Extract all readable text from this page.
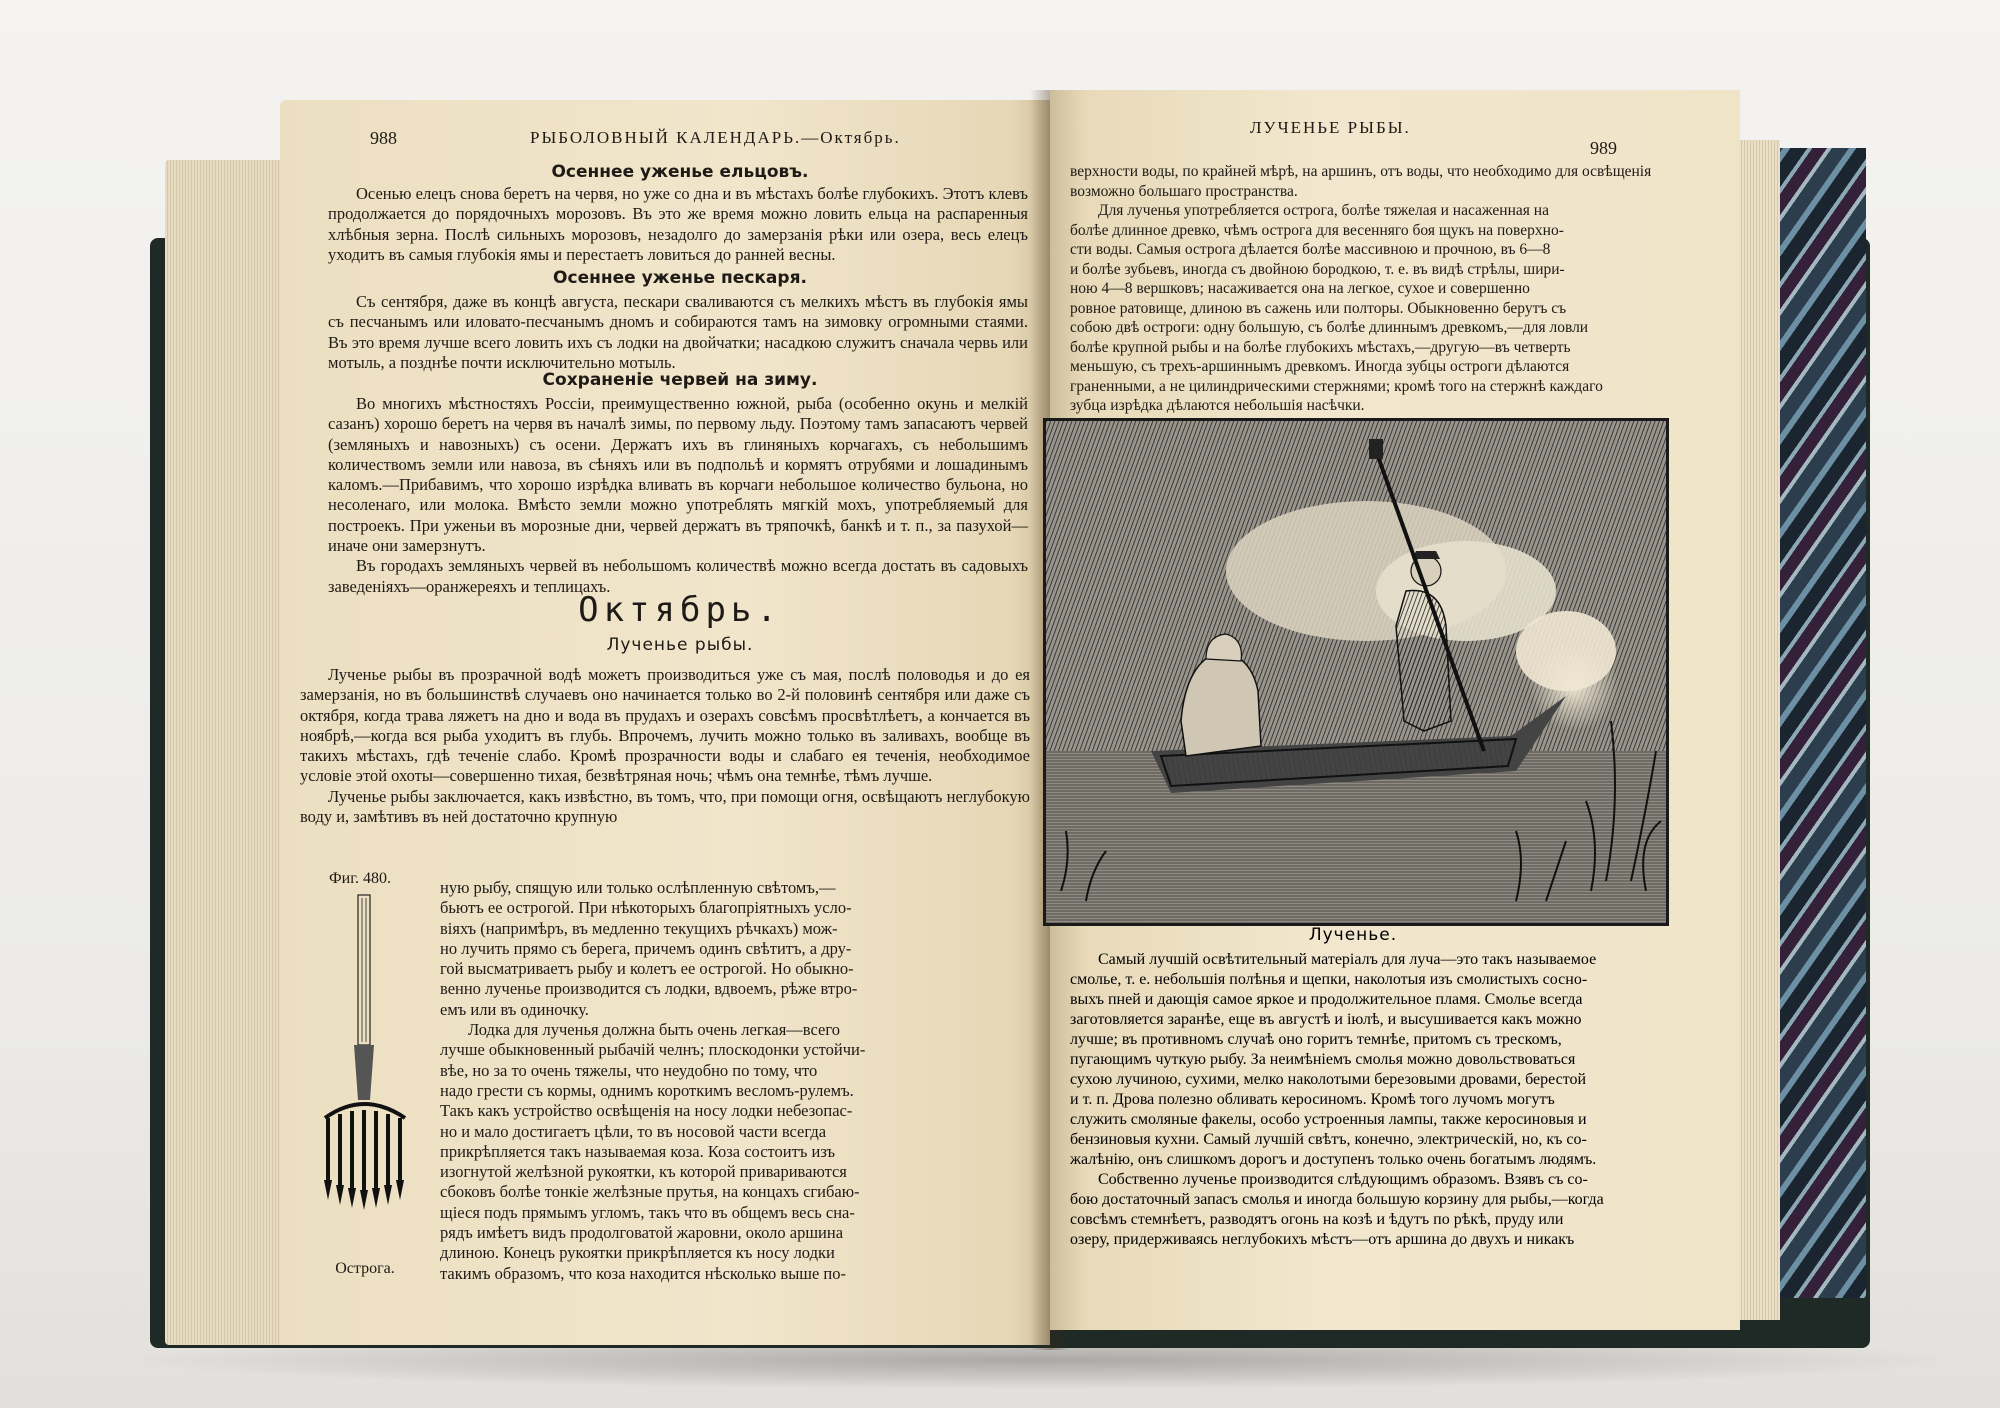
988	РЫБОЛОВНЫЙ КАЛЕНДАРЬ.—Октябрь.
Осеннее уженье ельцовъ.

Осенью елецъ снова беретъ на червя, но уже со дна и въ мѣстахъ болѣе глубокихъ. Этотъ клевъ продолжается до порядочныхъ морозовъ. Въ это же время можно ловить ельца на распаренныя хлѣбныя зерна. Послѣ сильныхъ морозовъ, незадолго до замерзанія рѣки или озера, весь елецъ уходитъ въ самыя глубокія ямы и перестаетъ ловиться до ранней весны.

Осеннее уженье пескаря.

Съ сентября, даже въ концѣ августа, пескари сваливаются съ мелкихъ мѣстъ въ глубокія ямы съ песчанымъ или иловато-песчанымъ дномъ и собираются тамъ на зимовку огромными стаями. Въ это время лучше всего ловить ихъ съ лодки на двойчатки; насадкою служитъ сначала червь или мотыль, а позднѣе почти исключительно мотыль.

Сохраненіе червей на зиму.

Во многихъ мѣстностяхъ Россіи, преимущественно южной, рыба (особенно окунь и мелкій сазанъ) хорошо беретъ на червя въ началѣ зимы, по первому льду. Поэтому тамъ запасаютъ червей (земляныхъ и навозныхъ) съ осени. Держатъ ихъ въ глиняныхъ корчагахъ, съ небольшимъ количествомъ земли или навоза, въ сѣняхъ или въ подпольѣ и кормятъ отрубями и лошадинымъ каломъ.—Прибавимъ, что хорошо изрѣдка вливать въ корчаги небольшое количество бульона, но несоленаго, или молока. Вмѣсто земли можно употреблять мягкій мохъ, употребляемый для построекъ. При уженьи въ морозные дни, червей держатъ въ тряпочкѣ, банкѣ и т. п., за пазухой—иначе они замерзнутъ.

Въ городахъ земляныхъ червей въ небольшомъ количествѣ можно всегда достать въ садовыхъ заведеніяхъ—оранжереяхъ и теплицахъ.

Октябрь.
Лученье рыбы.

Лученье рыбы въ прозрачной водѣ можетъ производиться уже съ мая, послѣ половодья и до ея замерзанія, но въ большинствѣ случаевъ оно начинается только во 2-й половинѣ сентября или даже съ октября, когда трава ляжетъ на дно и вода въ прудахъ и озерахъ совсѣмъ просвѣтлѣетъ, а кончается въ ноябрѣ,—когда вся рыба уходитъ въ глубь. Впрочемъ, лучить можно только въ заливахъ, вообще въ такихъ мѣстахъ, гдѣ теченіе слабо. Кромѣ прозрачности воды и слабаго ея теченія, необходимое условіе этой охоты—совершенно тихая, безвѣтряная ночь; чѣмъ она темнѣе, тѣмъ лучше.

Лученье рыбы заключается, какъ извѣстно, въ томъ, что, при помощи огня, освѣщаютъ неглубокую воду и, замѣтивъ въ ней достаточно крупную

Фиг. 480.
Острога.
ную рыбу, спящую или только ослѣпленную свѣтомъ,—
бьютъ ее острогой. При нѣкоторыхъ благопріятныхъ усло-
віяхъ (напримѣръ, въ медленно текущихъ рѣчкахъ) мож-
но лучить прямо съ берега, причемъ одинъ свѣтитъ, а дру-
гой высматриваетъ рыбу и колетъ ее острогой. Но обыкно-
венно лученье производится съ лодки, вдвоемъ, рѣже втро-
емъ или въ одиночку.
Лодка для лученья должна быть очень легкая—всего
лучше обыкновенный рыбачій челнъ; плоскодонки устойчи-
вѣе, но за то очень тяжелы, что неудобно по тому, что
надо грести съ кормы, однимъ короткимъ весломъ-рулемъ.
Такъ какъ устройство освѣщенія на носу лодки небезопас-
но и мало достигаетъ цѣли, то въ носовой части всегда
прикрѣпляется такъ называемая коза. Коза состоитъ изъ
изогнутой желѣзной рукоятки, къ которой привариваются
сбоковъ болѣе тонкіе желѣзные прутья, на концахъ сгибаю-
щіеся подъ прямымъ угломъ, такъ что въ общемъ весь сна-
рядъ имѣетъ видъ продолговатой жаровни, около аршина
длиною. Конецъ рукоятки прикрѣпляется къ носу лодки
такимъ образомъ, что коза находится нѣсколько выше по-
ЛУЧЕНЬЕ РЫБЫ.
989
верхности воды, по крайней мѣрѣ, на аршинъ, отъ воды, что необходимо для освѣщенія
возможно большаго пространства.
Для лученья употребляется острога, болѣе тяжелая и насаженная на
болѣе длинное древко, чѣмъ острога для весенняго боя щукъ на поверхно-
сти воды. Самыя острога дѣлается болѣе массивною и прочною, въ 6—8
и болѣе зубьевъ, иногда съ двойною бородкою, т. е. въ видѣ стрѣлы, шири-
ною 4—8 вершковъ; насаживается она на легкое, сухое и совершенно
ровное ратовище, длиною въ сажень или полторы. Обыкновенно берутъ съ
собою двѣ остроги: одну большую, съ болѣе длиннымъ древкомъ,—для ловли
болѣе крупной рыбы и на болѣе глубокихъ мѣстахъ,—другую—въ четверть
меньшую, съ трехъ-аршиннымъ древкомъ. Иногда зубцы остроги дѣлаются
граненными, а не цилиндрическими стержнями; кромѣ того на стержнѣ каждаго
зубца изрѣдка дѣлаются небольшія насѣчки.
Лученье.
Самый лучшій освѣтительный матеріалъ для луча—это такъ называемое
смолье, т. е. небольшія полѣнья и щепки, наколотыя изъ смолистыхъ сосно-
выхъ пней и дающія самое яркое и продолжительное пламя. Смолье всегда
заготовляется заранѣе, еще въ августѣ и іюлѣ, и высушивается какъ можно
лучше; въ противномъ случаѣ оно горитъ темнѣе, притомъ съ трескомъ,
пугающимъ чуткую рыбу. За неимѣніемъ смолья можно довольствоваться
сухою лучиною, сухими, мелко наколотыми березовыми дровами, берестой
и т. п. Дрова полезно обливать керосиномъ. Кромѣ того лучомъ могутъ
служить смоляные факелы, особо устроенныя лампы, также керосиновыя и
бензиновыя кухни. Самый лучшій свѣтъ, конечно, электрическій, но, къ со-
жалѣнію, онъ слишкомъ дорогъ и доступенъ только очень богатымъ людямъ.
Собственно лученье производится слѣдующимъ образомъ. Взявъ съ со-
бою достаточный запасъ смолья и иногда большую корзину для рыбы,—когда
совсѣмъ стемнѣетъ, разводятъ огонь на козѣ и ѣдутъ по рѣкѣ, пруду или
озеру, придерживаясь неглубокихъ мѣстъ—отъ аршина до двухъ и никакъ
